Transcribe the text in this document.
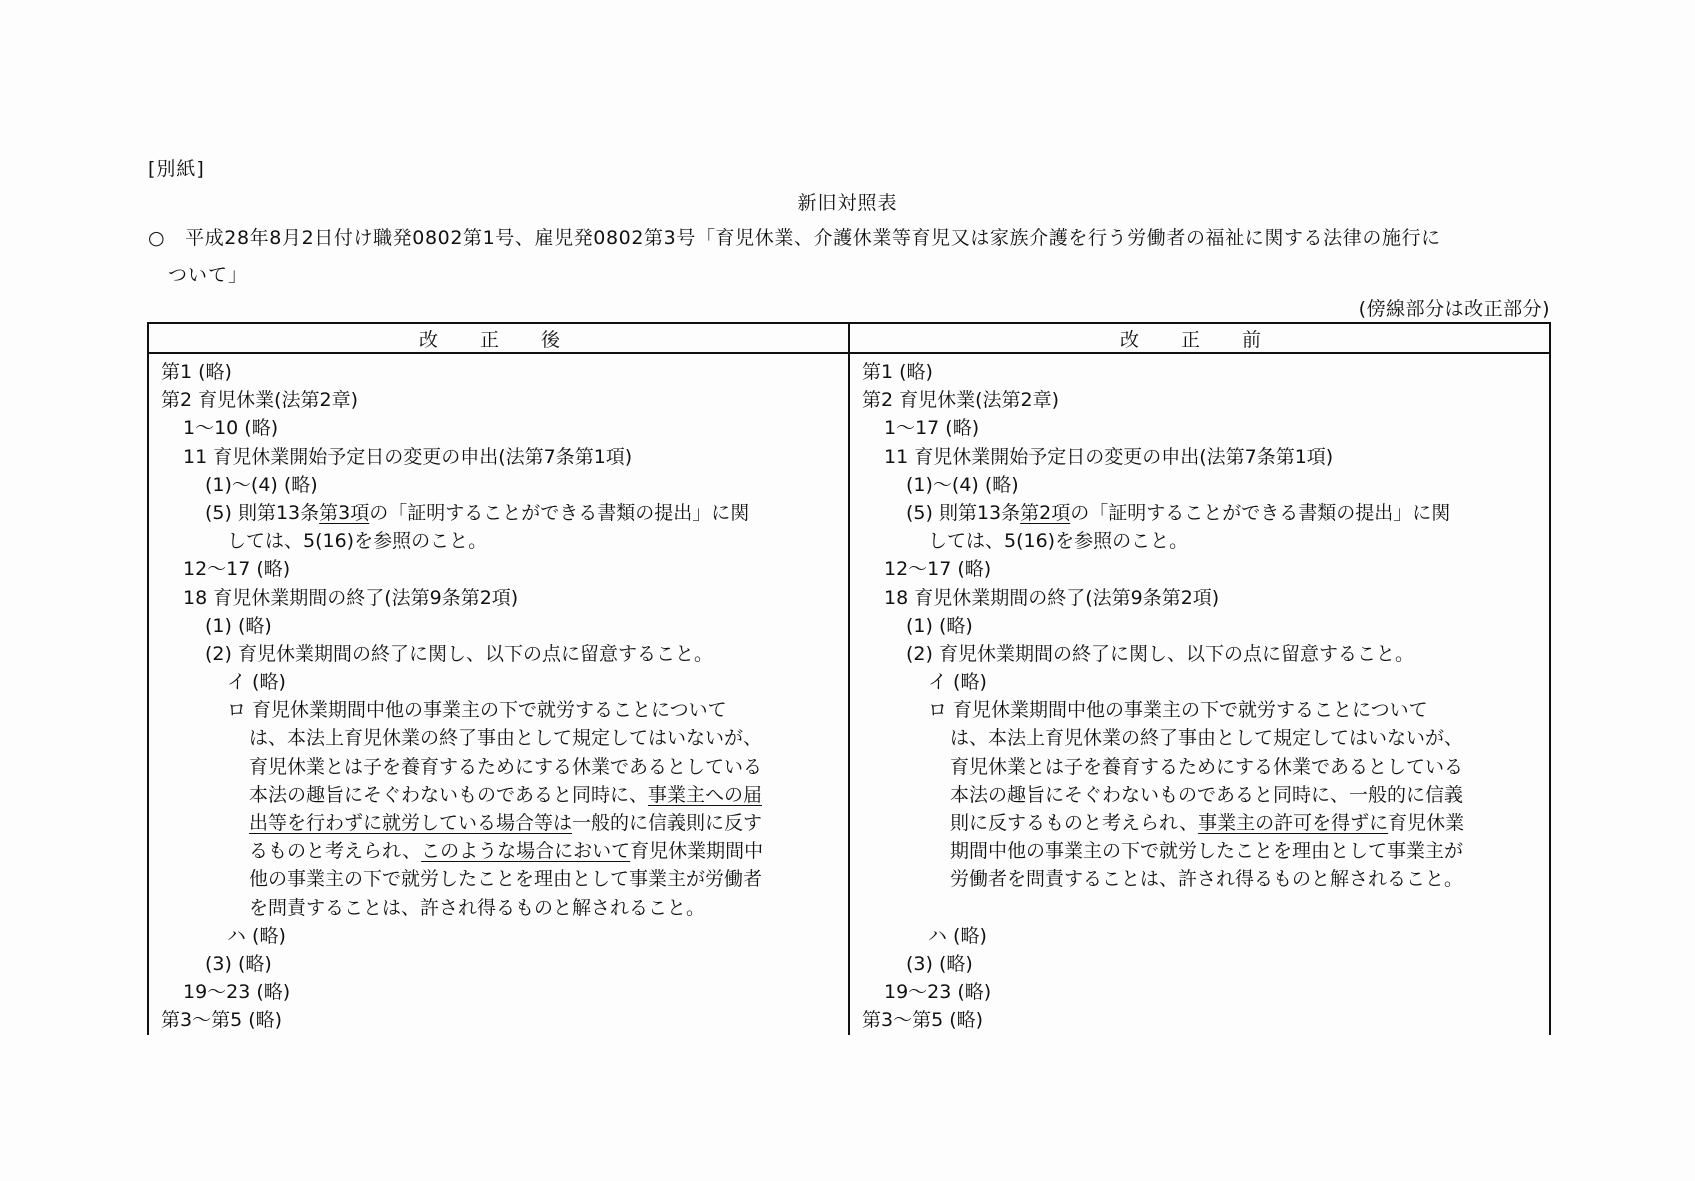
[別紙]
新旧対照表
○ 平成28年8月2日付け職発0802第1号、雇児発0802第3号「育児休業、介護休業等育児又は家族介護を行う労働者の福祉に関する法律の施行に
ついて」
(傍線部分は改正部分)
改 正 後	改 正 前

第1 (略)
第2 育児休業(法第2章)
1〜10 (略)
11 育児休業開始予定日の変更の申出(法第7条第1項)
(1)〜(4) (略)
(5) 則第13条第3項の「証明することができる書類の提出」に関
しては、5(16)を参照のこと。
12〜17 (略)
18 育児休業期間の終了(法第9条第2項)
(1) (略)
(2) 育児休業期間の終了に関し、以下の点に留意すること。
イ (略)
ロ 育児休業期間中他の事業主の下で就労することについて
は、本法上育児休業の終了事由として規定してはいないが、
育児休業とは子を養育するためにする休業であるとしている
本法の趣旨にそぐわないものであると同時に、事業主への届
出等を行わずに就労している場合等は一般的に信義則に反す
るものと考えられ、このような場合において育児休業期間中
他の事業主の下で就労したことを理由として事業主が労働者
を問責することは、許され得るものと解されること。
ハ (略)
(3) (略)
19〜23 (略)
第3〜第5 (略)

第1 (略)
第2 育児休業(法第2章)
1〜17 (略)
11 育児休業開始予定日の変更の申出(法第7条第1項)
(1)〜(4) (略)
(5) 則第13条第2項の「証明することができる書類の提出」に関
しては、5(16)を参照のこと。
12〜17 (略)
18 育児休業期間の終了(法第9条第2項)
(1) (略)
(2) 育児休業期間の終了に関し、以下の点に留意すること。
イ (略)
ロ 育児休業期間中他の事業主の下で就労することについて
は、本法上育児休業の終了事由として規定してはいないが、
育児休業とは子を養育するためにする休業であるとしている
本法の趣旨にそぐわないものであると同時に、一般的に信義
則に反するものと考えられ、事業主の許可を得ずに育児休業
期間中他の事業主の下で就労したことを理由として事業主が
労働者を問責することは、許され得るものと解されること。
ハ (略)
(3) (略)
19〜23 (略)
第3〜第5 (略)
